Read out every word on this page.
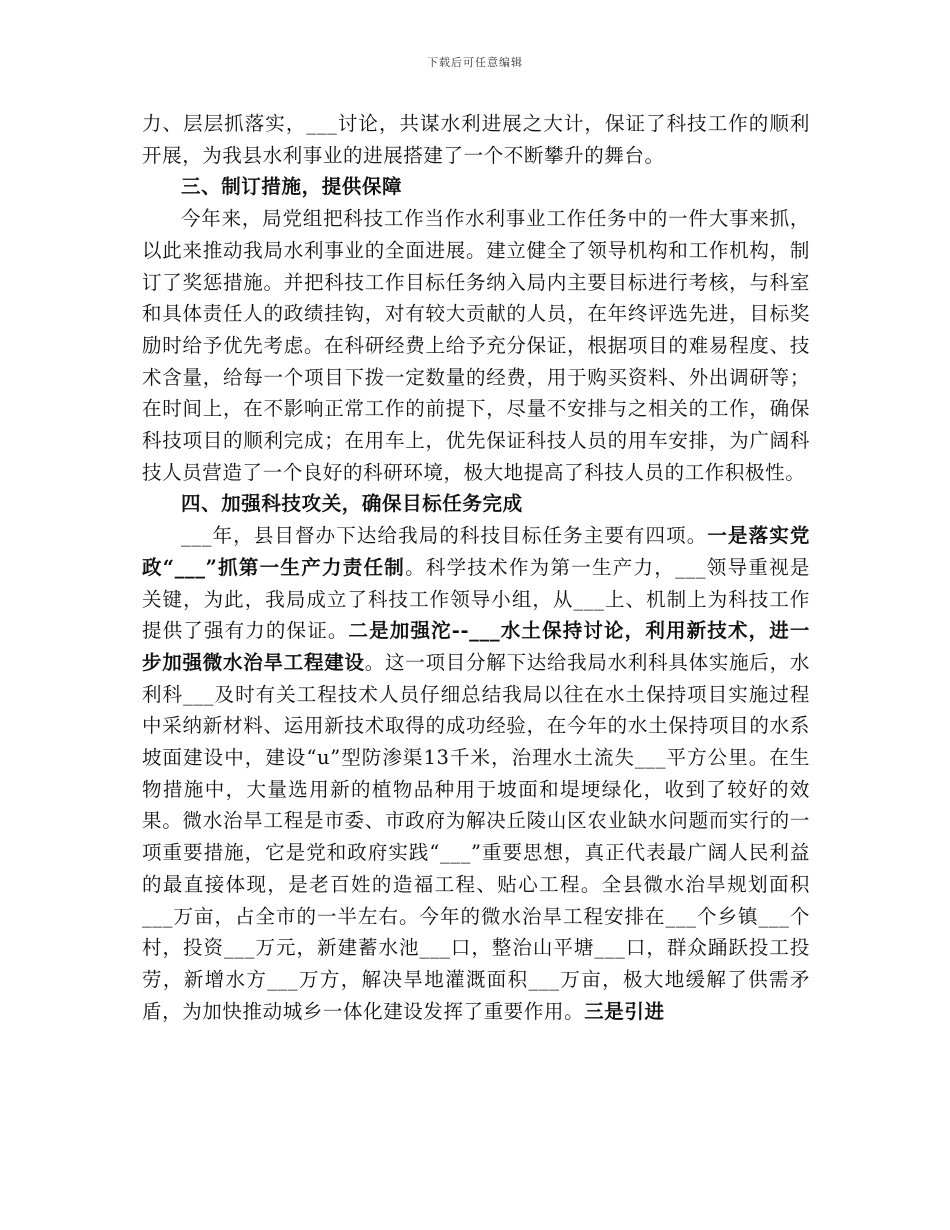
下载后可任意编辑

力、层层抓落实，___讨论，共谋水利进展之大计，保证了科技工作的顺利开展，为我县水利事业的进展搭建了一个不断攀升的舞台。

三、制订措施，提供保障

今年来，局党组把科技工作当作水利事业工作任务中的一件大事来抓，以此来推动我局水利事业的全面进展。建立健全了领导机构和工作机构，制订了奖惩措施。并把科技工作目标任务纳入局内主要目标进行考核，与科室和具体责任人的政绩挂钩，对有较大贡献的人员，在年终评选先进，目标奖励时给予优先考虑。在科研经费上给予充分保证，根据项目的难易程度、技术含量，给每一个项目下拨一定数量的经费，用于购买资料、外出调研等；在时间上，在不影响正常工作的前提下，尽量不安排与之相关的工作，确保科技项目的顺利完成；在用车上，优先保证科技人员的用车安排，为广阔科技人员营造了一个良好的科研环境，极大地提高了科技人员的工作积极性。

四、加强科技攻关，确保目标任务完成

___年，县目督办下达给我局的科技目标任务主要有四项。一是落实党政“___”抓第一生产力责任制。科学技术作为第一生产力，___领导重视是关键，为此，我局成立了科技工作领导小组，从___上、机制上为科技工作提供了强有力的保证。二是加强沱--___水土保持讨论，利用新技术，进一步加强微水治旱工程建设。这一项目分解下达给我局水利科具体实施后，水利科___及时有关工程技术人员仔细总结我局以往在水土保持项目实施过程中采纳新材料、运用新技术取得的成功经验，在今年的水土保持项目的水系坡面建设中，建设“u”型防渗渠13千米，治理水土流失___平方公里。在生物措施中，大量选用新的植物品种用于坡面和堤埂绿化，收到了较好的效果。微水治旱工程是市委、市政府为解决丘陵山区农业缺水问题而实行的一项重要措施，它是党和政府实践“___”重要思想，真正代表最广阔人民利益的最直接体现，是老百姓的造福工程、贴心工程。全县微水治旱规划面积___万亩，占全市的一半左右。今年的微水治旱工程安排在___个乡镇___个村，投资___万元，新建蓄水池___口，整治山平塘___口，群众踊跃投工投劳，新增水方___万方，解决旱地灌溉面积___万亩，极大地缓解了供需矛盾，为加快推动城乡一体化建设发挥了重要作用。三是引进
